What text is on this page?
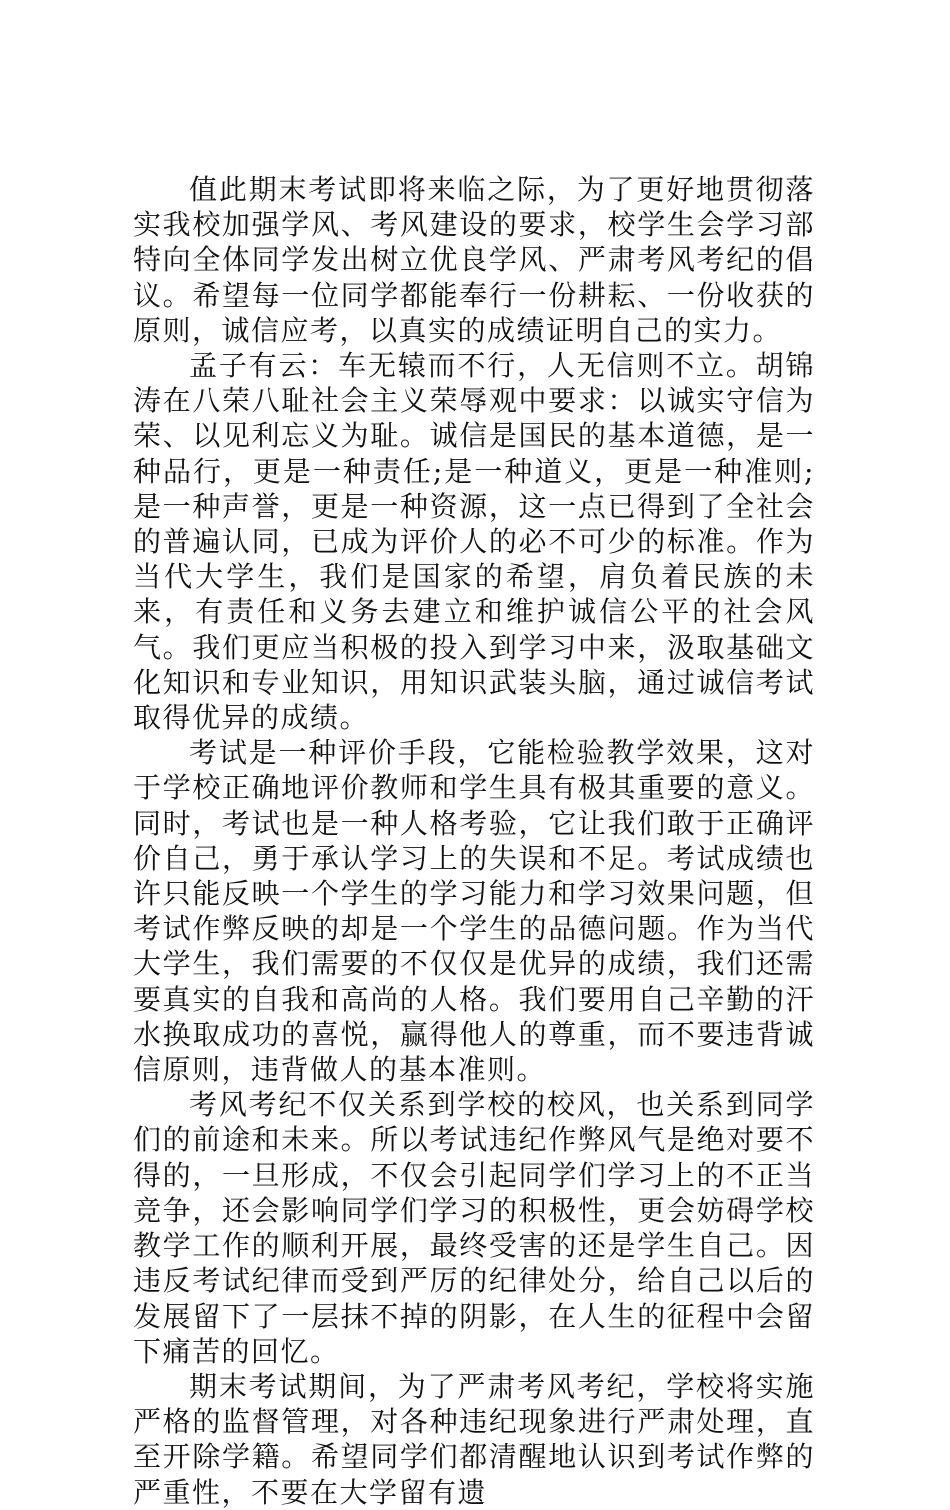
值此期末考试即将来临之际，为了更好地贯彻落实我校加强学风、考风建设的要求，校学生会学习部特向全体同学发出树立优良学风、严肃考风考纪的倡议。希望每一位同学都能奉行一份耕耘、一份收获的原则，诚信应考，以真实的成绩证明自己的实力。

孟子有云：车无辕而不行，人无信则不立。胡锦涛在八荣八耻社会主义荣辱观中要求：以诚实守信为荣、以见利忘义为耻。诚信是国民的基本道德，是一种品行，更是一种责任;是一种道义，更是一种准则;是一种声誉，更是一种资源，这一点已得到了全社会的普遍认同，已成为评价人的必不可少的标准。作为当代大学生，我们是国家的希望，肩负着民族的未来，有责任和义务去建立和维护诚信公平的社会风气。我们更应当积极的投入到学习中来，汲取基础文化知识和专业知识，用知识武装头脑，通过诚信考试取得优异的成绩。

考试是一种评价手段，它能检验教学效果，这对于学校正确地评价教师和学生具有极其重要的意义。同时，考试也是一种人格考验，它让我们敢于正确评价自己，勇于承认学习上的失误和不足。考试成绩也许只能反映一个学生的学习能力和学习效果问题，但考试作弊反映的却是一个学生的品德问题。作为当代大学生，我们需要的不仅仅是优异的成绩，我们还需要真实的自我和高尚的人格。我们要用自己辛勤的汗水换取成功的喜悦，赢得他人的尊重，而不要违背诚信原则，违背做人的基本准则。

考风考纪不仅关系到学校的校风，也关系到同学们的前途和未来。所以考试违纪作弊风气是绝对要不得的，一旦形成，不仅会引起同学们学习上的不正当竞争，还会影响同学们学习的积极性，更会妨碍学校教学工作的顺利开展，最终受害的还是学生自己。因违反考试纪律而受到严厉的纪律处分，给自己以后的发展留下了一层抹不掉的阴影，在人生的征程中会留下痛苦的回忆。

期末考试期间，为了严肃考风考纪，学校将实施严格的监督管理，对各种违纪现象进行严肃处理，直至开除学籍。希望同学们都清醒地认识到考试作弊的严重性，不要在大学留有遗
